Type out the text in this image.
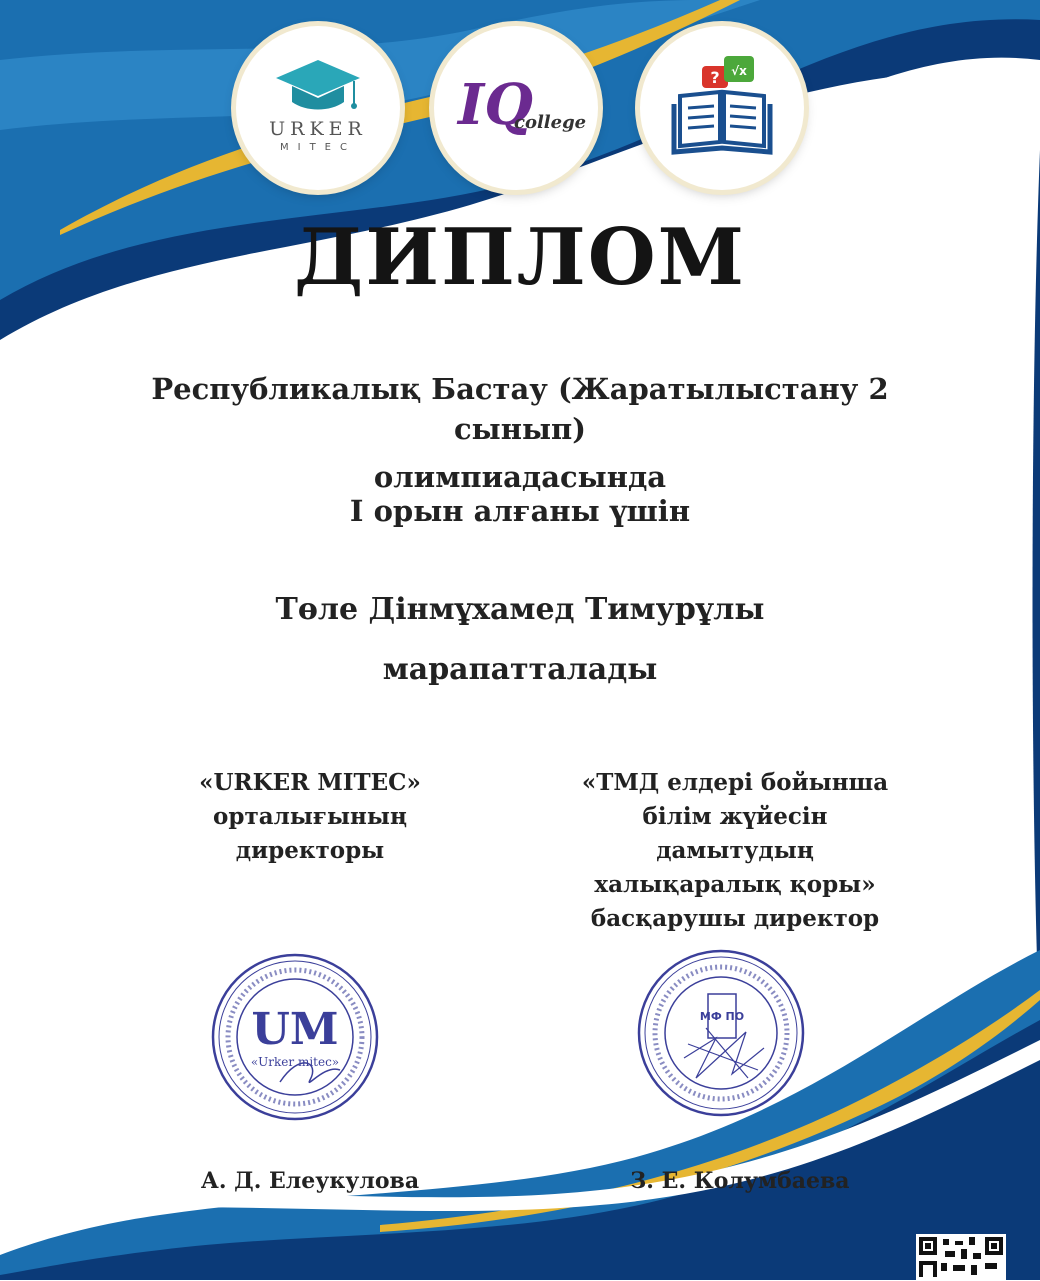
URKER
MITEC
IQ
college
? √x
ДИПЛОМ
Республикалық Бастау (Жаратылыстану 2
сынып)
олимпиадасында
I орын алғаны үшін
Төле Дінмұхамед Тимурұлы
марапатталады
«URKER MITEC»
орталығының
директоры
«ТМД елдері бойынша
білім жүйесін
дамытудың
халықаралық қоры»
басқарушы директор
UM
«Urker mitec»
МФ ПО
А. Д. Елеукулова	З. Е. Колумбаева
